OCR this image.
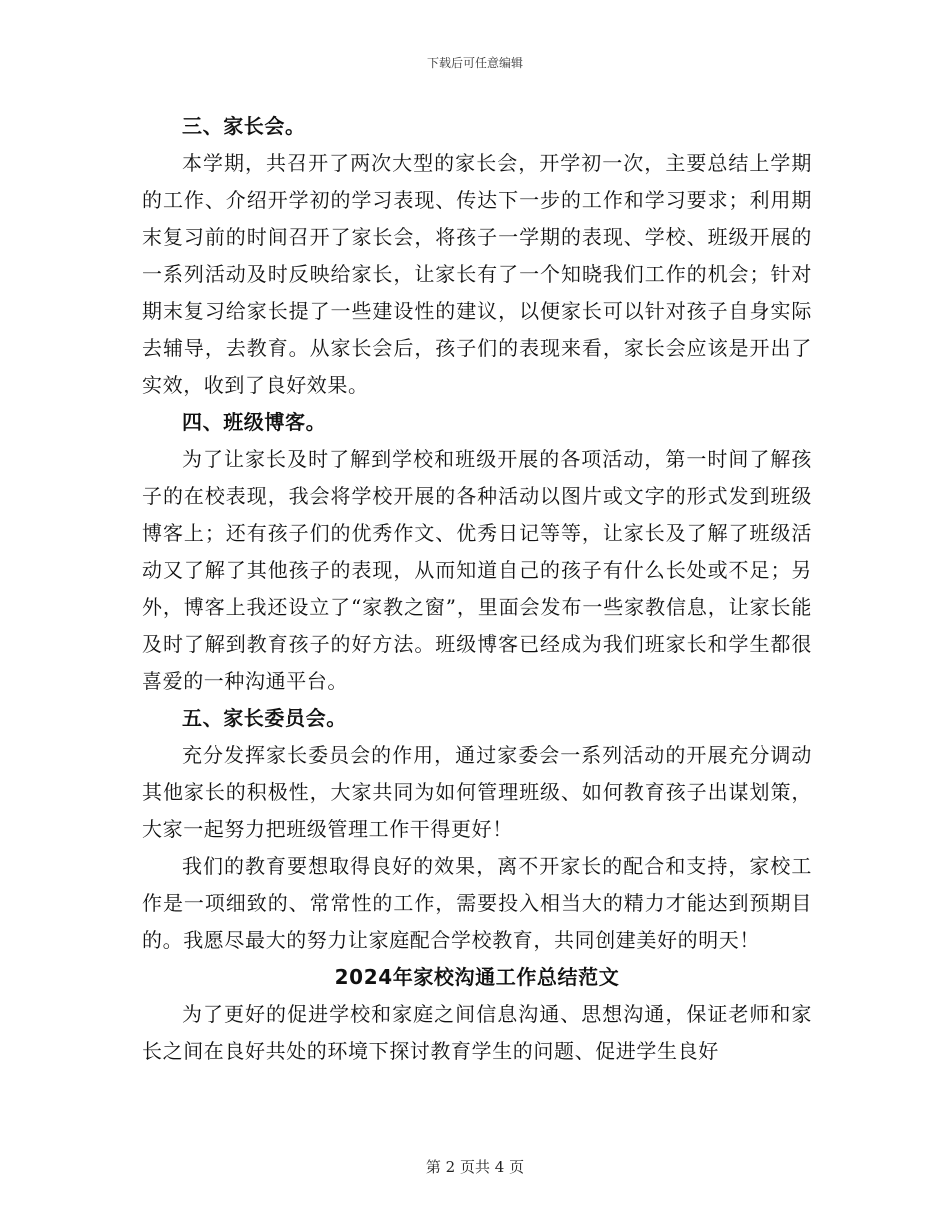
下载后可任意编辑

三、家长会。

本学期，共召开了两次大型的家长会，开学初一次，主要总结上学期的工作、介绍开学初的学习表现、传达下一步的工作和学习要求；利用期末复习前的时间召开了家长会，将孩子一学期的表现、学校、班级开展的一系列活动及时反映给家长，让家长有了一个知晓我们工作的机会；针对期末复习给家长提了一些建设性的建议，以便家长可以针对孩子自身实际去辅导，去教育。从家长会后，孩子们的表现来看，家长会应该是开出了实效，收到了良好效果。

四、班级博客。

为了让家长及时了解到学校和班级开展的各项活动，第一时间了解孩子的在校表现，我会将学校开展的各种活动以图片或文字的形式发到班级博客上；还有孩子们的优秀作文、优秀日记等等，让家长及了解了班级活动又了解了其他孩子的表现，从而知道自己的孩子有什么长处或不足；另外，博客上我还设立了“家教之窗”，里面会发布一些家教信息，让家长能及时了解到教育孩子的好方法。班级博客已经成为我们班家长和学生都很喜爱的一种沟通平台。

五、家长委员会。

充分发挥家长委员会的作用，通过家委会一系列活动的开展充分调动其他家长的积极性，大家共同为如何管理班级、如何教育孩子出谋划策，大家一起努力把班级管理工作干得更好！

我们的教育要想取得良好的效果，离不开家长的配合和支持，家校工作是一项细致的、常常性的工作，需要投入相当大的精力才能达到预期目的。我愿尽最大的努力让家庭配合学校教育，共同创建美好的明天！

2024年家校沟通工作总结范文

为了更好的促进学校和家庭之间信息沟通、思想沟通，保证老师和家长之间在良好共处的环境下探讨教育学生的问题、促进学生良好

第 2 页共 4 页
